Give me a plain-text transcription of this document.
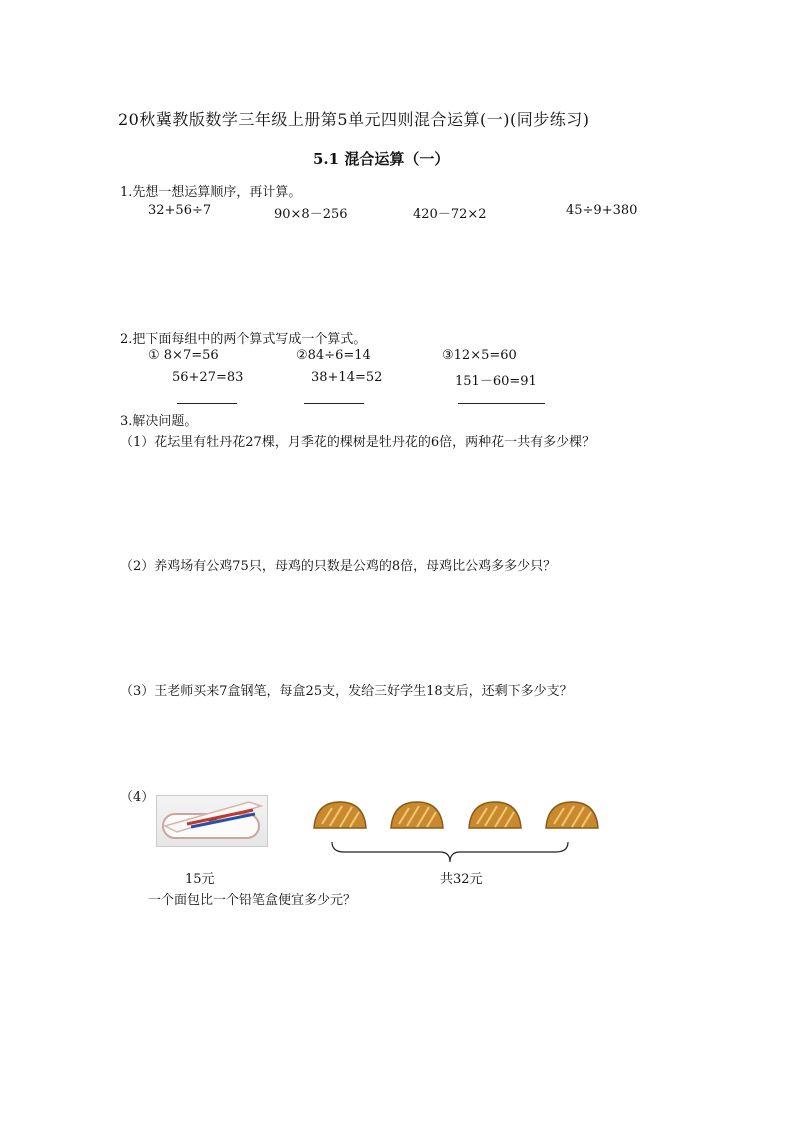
20秋冀教版数学三年级上册第5单元四则混合运算(一)(同步练习)
5.1 混合运算（一）
1.先想一想运算顺序，再计算。
32+56÷7	90×8－256	420－72×2	45÷9+380
2.把下面每组中的两个算式写成一个算式。
① 8×7=56
56+27=83
②84÷6=14
38+14=52
③12×5=60
151－60=91
3.解决问题。
（1）花坛里有牡丹花27棵，月季花的棵树是牡丹花的6倍，两种花一共有多少棵？
（2）养鸡场有公鸡75只，母鸡的只数是公鸡的8倍，母鸡比公鸡多多少只？
（3）王老师买来7盒钢笔，每盒25支，发给三好学生18支后，还剩下多少支？
（4）
15元	共32元
一个面包比一个铅笔盒便宜多少元？
